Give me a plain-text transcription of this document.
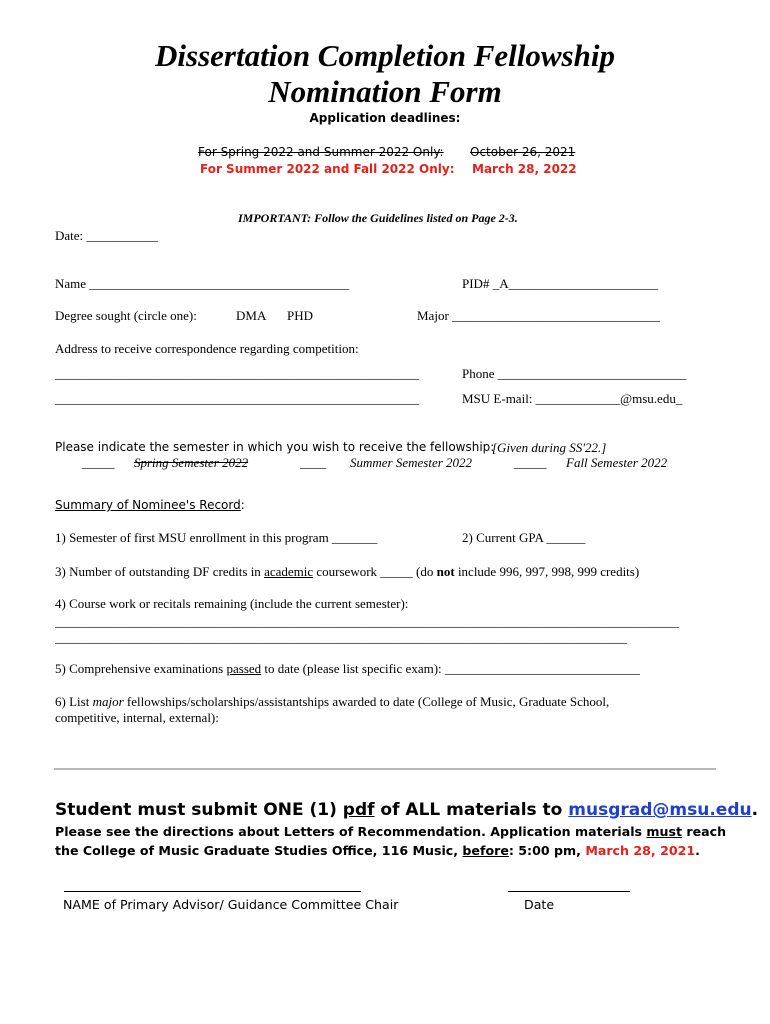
Dissertation Completion Fellowship
Nomination Form
Application deadlines:
For Spring 2022 and Summer 2022 Only: October 26, 2021
For Summer 2022 and Fall 2022 Only: March 28, 2022
IMPORTANT: Follow the Guidelines listed on Page 2-3.
Date: ___________
Name ________________________________________	PID# _A_______________________
Degree sought (circle one):	DMA PHD	Major ________________________________
Address to receive correspondence regarding competition:
________________________________________________________	Phone _____________________________
________________________________________________________	MSU E-mail: _____________@msu.edu_
Please indicate the semester in which you wish to receive the fellowship:
[Given during SS'22.]
_____ Spring Semester 2022	____ Summer Semester 2022	_____ Fall Semester 2022
Summary of Nominee's Record:
1) Semester of first MSU enrollment in this program _______	2) Current GPA ______
3) Number of outstanding DF credits in academic coursework _____ (do not include 996, 997, 998, 999 credits)
4) Course work or recitals remaining (include the current semester):
________________________________________________________________________________________________
________________________________________________________________________________________
5) Comprehensive examinations passed to date (please list specific exam): ______________________________
6) List major fellowships/scholarships/assistantships awarded to date (College of Music, Graduate School,
competitive, internal, external):
Student must submit ONE (1) pdf of ALL materials to musgrad@msu.edu.
Please see the directions about Letters of Recommendation. Application materials must reach
the College of Music Graduate Studies Office, 116 Music, before: 5:00 pm, March 28, 2021.
NAME of Primary Advisor/ Guidance Committee Chair	Date
